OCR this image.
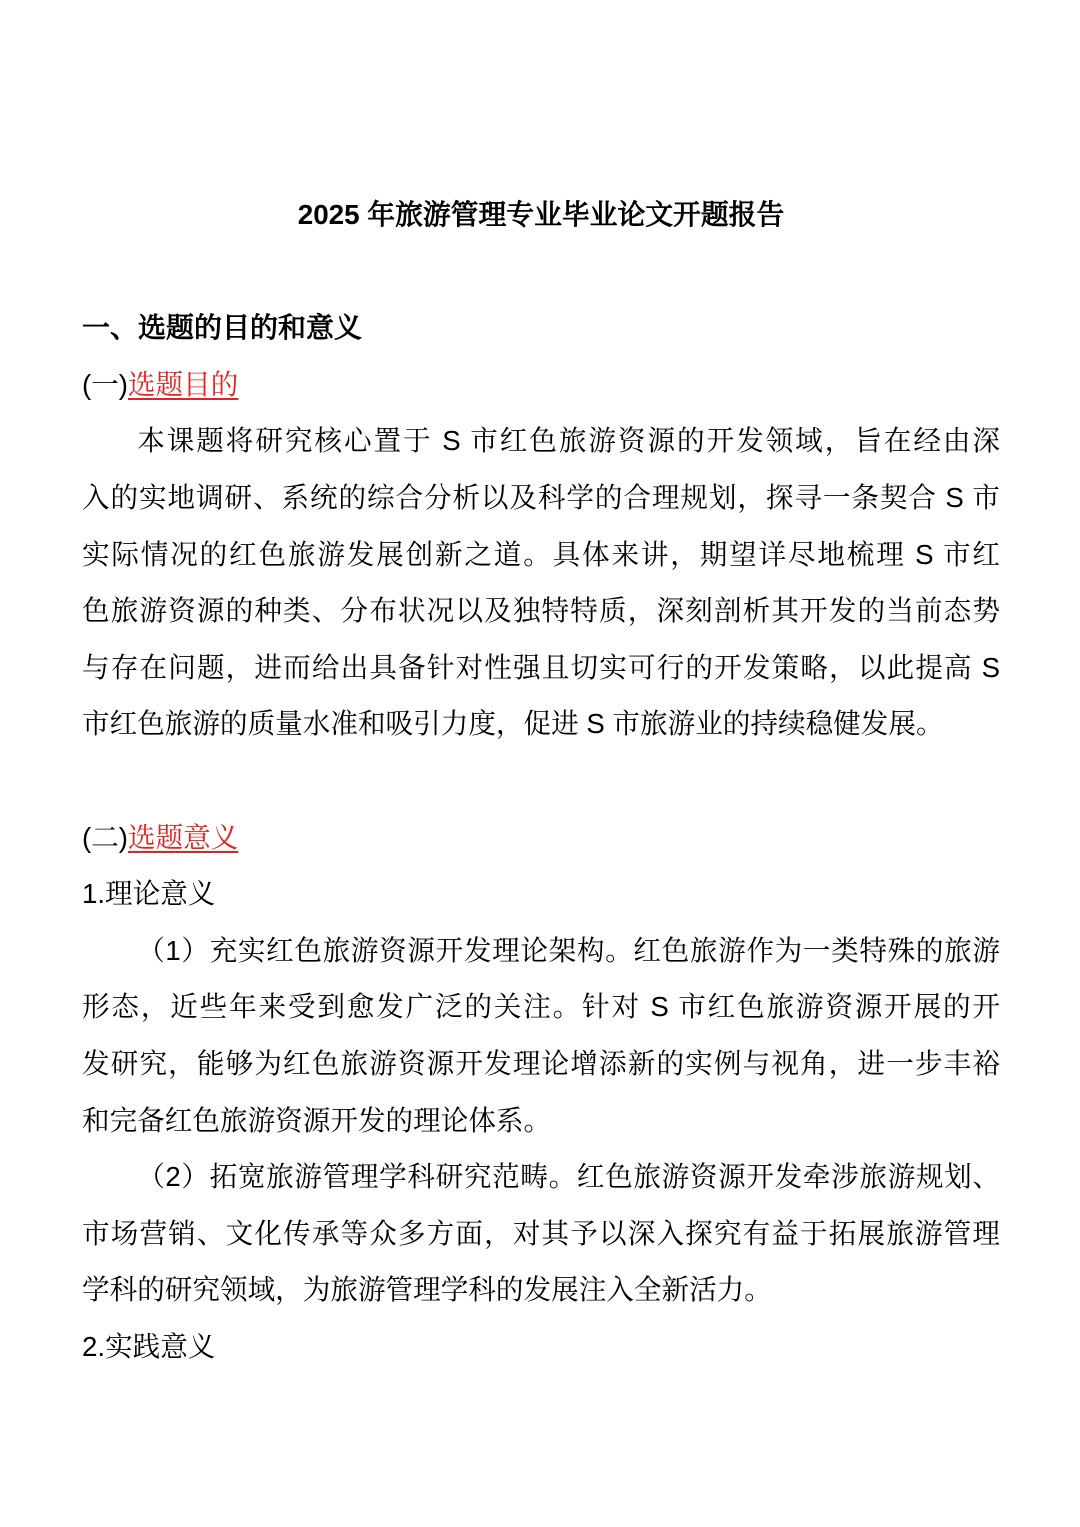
2025 年旅游管理专业毕业论文开题报告
一、选题的目的和意义
(一)选题目的
本课题将研究核心置于 S 市红色旅游资源的开发领域，旨在经由深
入的实地调研、系统的综合分析以及科学的合理规划，探寻一条契合 S 市
实际情况的红色旅游发展创新之道。具体来讲，期望详尽地梳理 S 市红
色旅游资源的种类、分布状况以及独特特质，深刻剖析其开发的当前态势
与存在问题，进而给出具备针对性强且切实可行的开发策略，以此提高 S
市红色旅游的质量水准和吸引力度，促进 S 市旅游业的持续稳健发展。
(二)选题意义
1.理论意义
（1）充实红色旅游资源开发理论架构。红色旅游作为一类特殊的旅游
形态，近些年来受到愈发广泛的关注。针对 S 市红色旅游资源开展的开
发研究，能够为红色旅游资源开发理论增添新的实例与视角，进一步丰裕
和完备红色旅游资源开发的理论体系。
（2）拓宽旅游管理学科研究范畴。红色旅游资源开发牵涉旅游规划、
市场营销、文化传承等众多方面，对其予以深入探究有益于拓展旅游管理
学科的研究领域，为旅游管理学科的发展注入全新活力。
2.实践意义
